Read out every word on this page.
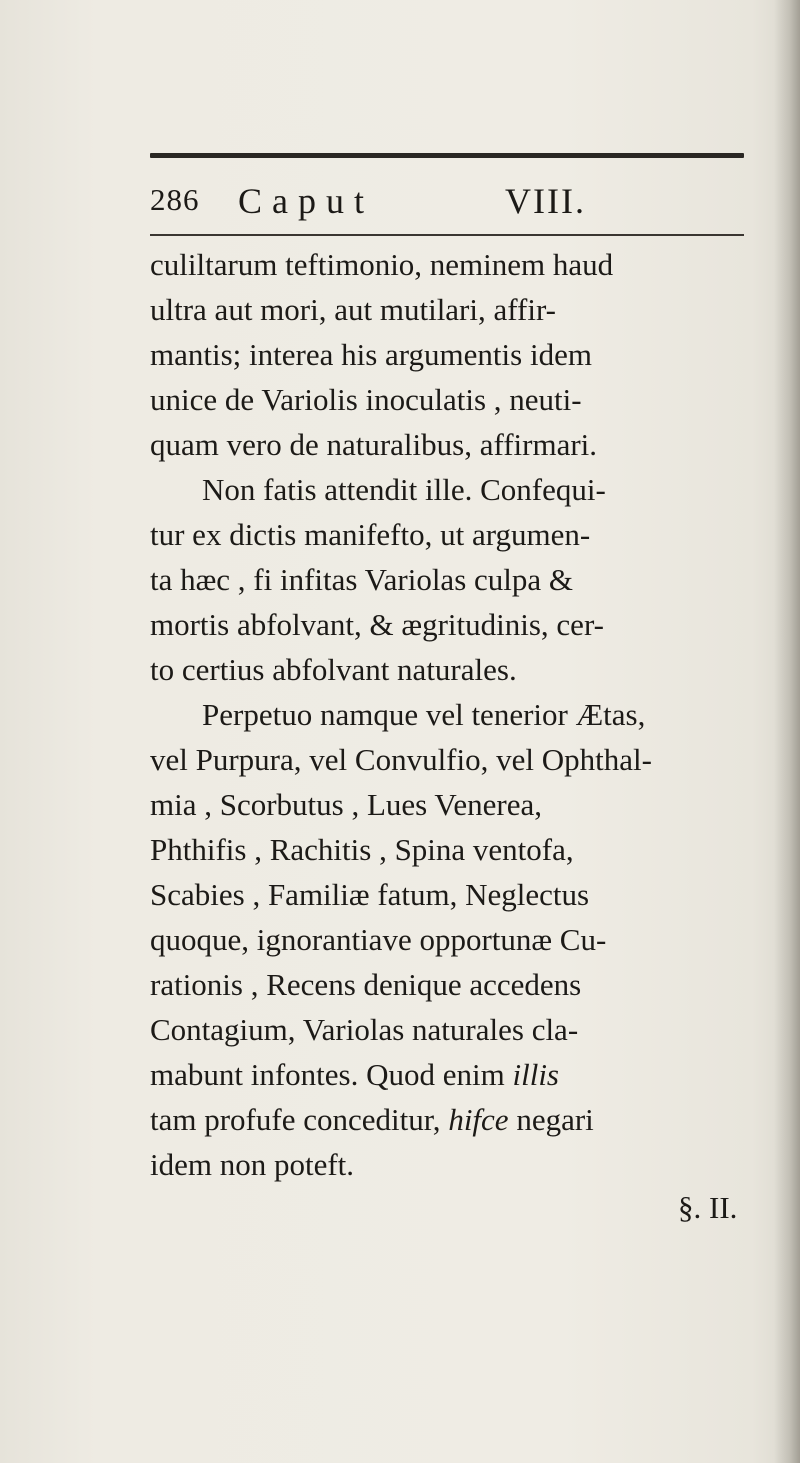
286 Caput	VIII.
culiltarum teftimonio, neminem haud
ultra aut mori, aut mutilari, affir-
mantis; interea his argumentis idem
unice de Variolis inoculatis , neuti-
quam vero de naturalibus, affirmari.
Non fatis attendit ille. Confequi-
tur ex dictis manifefto, ut argumen-
ta hæc , fi infitas Variolas culpa &
mortis abfolvant, & ægritudinis, cer-
to certius abfolvant naturales.
Perpetuo namque vel tenerior Ætas,
vel Purpura, vel Convulfio, vel Ophthal-
mia , Scorbutus , Lues Venerea,
Phthifis , Rachitis , Spina ventofa,
Scabies , Familiæ fatum, Neglectus
quoque, ignorantiave opportunæ Cu-
rationis , Recens denique accedens
Contagium, Variolas naturales cla-
mabunt infontes. Quod enim illis
tam profufe conceditur, hifce negari
idem non poteft.
§. II.
